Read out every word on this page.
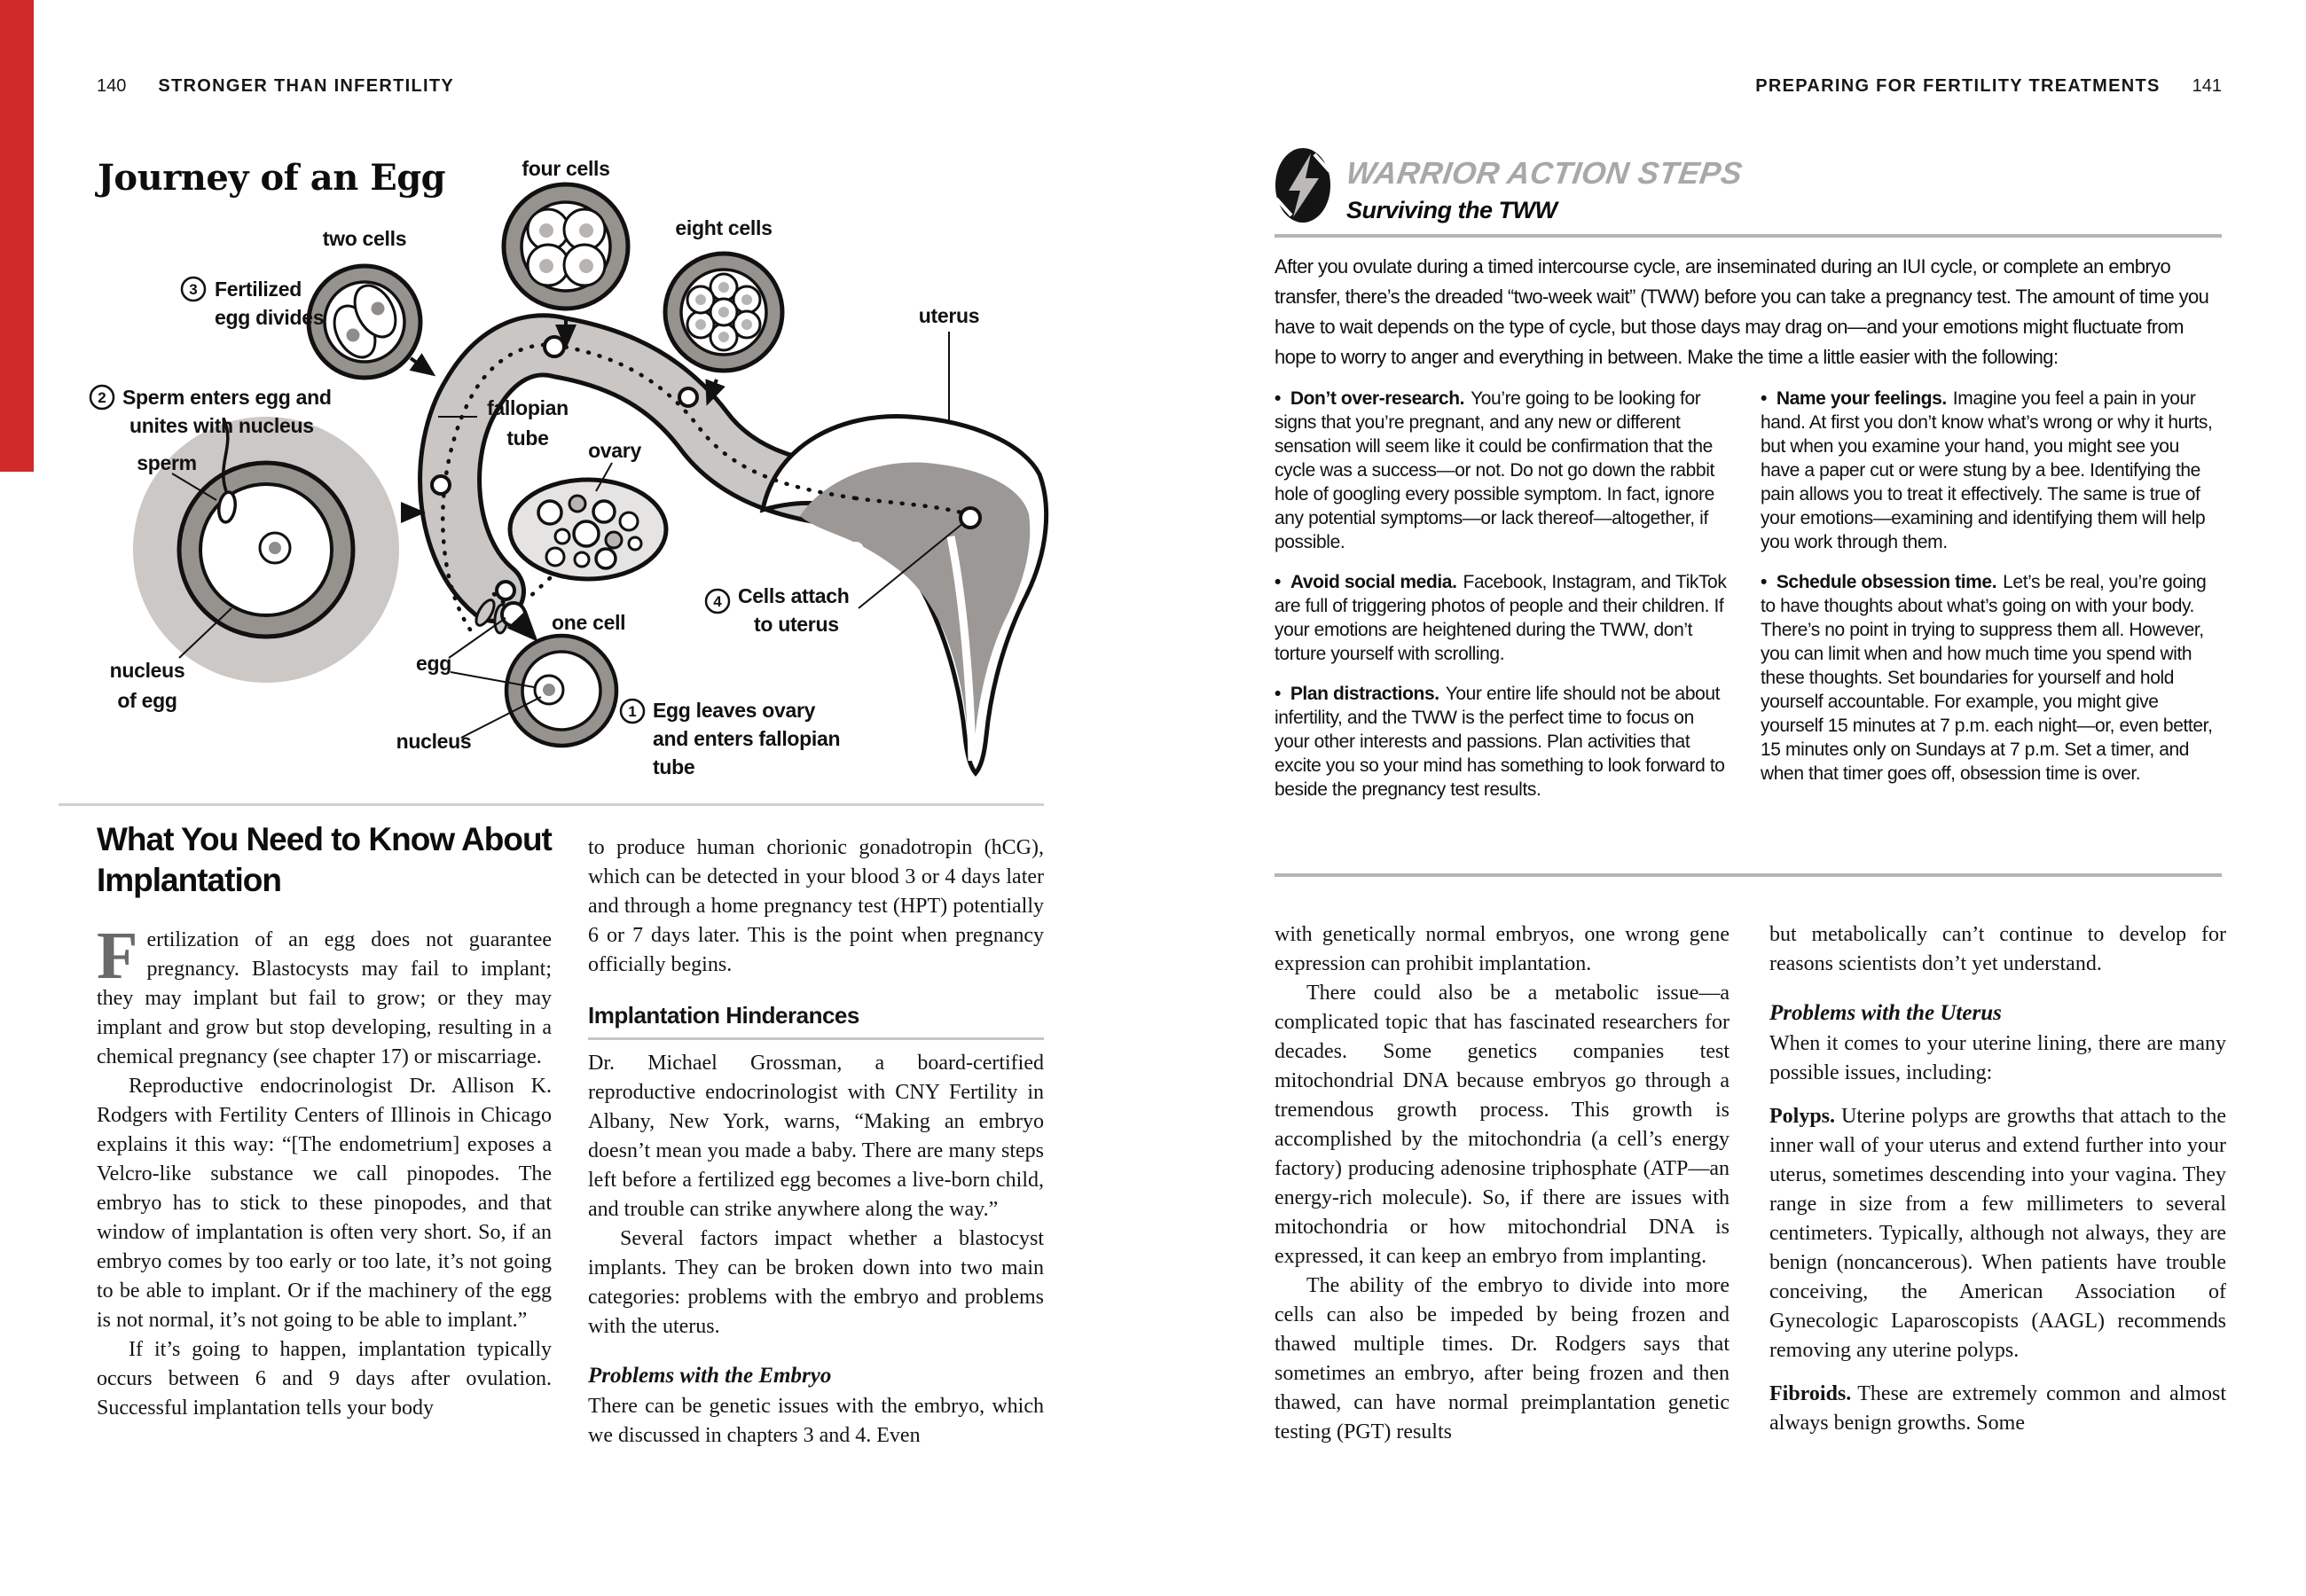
140 STRONGER THAN INFERTILITY
Journey of an Egg	four cells
two cells	eight cells
uterus
sperm
fallopian
tube
ovary
nucleus
of egg
one cell
egg
nucleus
3 Fertilized
egg divides
2 Sperm enters egg and
unites with nucleus
4 Cells attach
to uterus
1 Egg leaves ovary
and enters fallopian
tube
What You Need to Know About
Implantation

Fertilization of an egg does not guarantee pregnancy. Blastocysts may fail to implant; they may implant but fail to grow; or they may implant and grow but stop developing, resulting in a chemical pregnancy (see chapter 17) or miscarriage.

Reproductive endocrinologist Dr. Allison K. Rodgers with Fertility Centers of Illinois in Chicago explains it this way: “[The endometrium] exposes a Velcro-like substance we call pinopodes. The embryo has to stick to these pinopodes, and that window of implantation is often very short. So, if an embryo comes by too early or too late, it’s not going to be able to implant. Or if the machinery of the egg is not normal, it’s not going to be able to implant.”

If it’s going to happen, implantation typically occurs between 6 and 9 days after ovulation. Successful implantation tells your body

to produce human chorionic gonadotropin (hCG), which can be detected in your blood 3 or 4 days later and through a home pregnancy test (HPT) potentially 6 or 7 days later. This is the point when pregnancy officially begins.

Implantation Hinderances

Dr. Michael Grossman, a board-certified reproductive endocrinologist with CNY Fertility in Albany, New York, warns, “Making an embryo doesn’t mean you made a baby. There are many steps left before a fertilized egg becomes a live-born child, and trouble can strike anywhere along the way.”

Several factors impact whether a blastocyst implants. They can be broken down into two main categories: problems with the embryo and problems with the uterus.

Problems with the Embryo

There can be genetic issues with the embryo, which we discussed in chapters 3 and 4. Even

PREPARING FOR FERTILITY TREATMENTS 141
WARRIOR ACTION STEPS
Surviving the TWW
After you ovulate during a timed intercourse cycle, are inseminated during an IUI cycle, or complete an embryo transfer, there’s the dreaded “two-week wait” (TWW) before you can take a pregnancy test. The amount of time you have to wait depends on the type of cycle, but those days may drag on—and your emotions might fluctuate from hope to worry to anger and everything in between. Make the time a little easier with the following:

•  Don’t over-research. You’re going to be looking for signs that you’re pregnant, and any new or different sensation will seem like it could be confirmation that the cycle was a success—or not. Do not go down the rabbit hole of googling every possible symptom. In fact, ignore any potential symptoms—or lack thereof—altogether, if possible.

•  Avoid social media. Facebook, Instagram, and TikTok are full of triggering photos of people and their children. If your emotions are heightened during the TWW, don’t torture yourself with scrolling.

•  Plan distractions. Your entire life should not be about infertility, and the TWW is the perfect time to focus on your other interests and passions. Plan activities that excite you so your mind has something to look forward to beside the pregnancy test results.

•  Name your feelings. Imagine you feel a pain in your hand. At first you don’t know what’s wrong or why it hurts, but when you examine your hand, you might see you have a paper cut or were stung by a bee. Identifying the pain allows you to treat it effectively. The same is true of your emotions—examining and identifying them will help you work through them.

•  Schedule obsession time. Let’s be real, you’re going to have thoughts about what’s going on with your body. There’s no point in trying to suppress them all. However, you can limit when and how much time you spend with these thoughts. Set boundaries for yourself and hold yourself accountable. For example, you might give yourself 15 minutes at 7 p.m. each night—or, even better, 15 minutes only on Sundays at 7 p.m. Set a timer, and when that timer goes off, obsession time is over.

with genetically normal embryos, one wrong gene expression can prohibit implantation.

There could also be a metabolic issue—a complicated topic that has fascinated researchers for decades. Some genetics companies test mitochondrial DNA because embryos go through a tremendous growth process. This growth is accomplished by the mitochondria (a cell’s energy factory) producing adenosine triphosphate (ATP—an energy-rich molecule). So, if there are issues with mitochondria or how mitochondrial DNA is expressed, it can keep an embryo from implanting.

The ability of the embryo to divide into more cells can also be impeded by being frozen and thawed multiple times. Dr. Rodgers says that sometimes an embryo, after being frozen and then thawed, can have normal preimplantation genetic testing (PGT) results

but metabolically can’t continue to develop for reasons scientists don’t yet understand.

Problems with the Uterus

When it comes to your uterine lining, there are many possible issues, including:

Polyps. Uterine polyps are growths that attach to the inner wall of your uterus and extend further into your uterus, sometimes descending into your vagina. They range in size from a few millimeters to several centimeters. Typically, although not always, they are benign (noncancerous). When patients have trouble conceiving, the American Association of Gynecologic Laparoscopists (AAGL) recommends removing any uterine polyps.

Fibroids. These are extremely common and almost always benign growths. Some
